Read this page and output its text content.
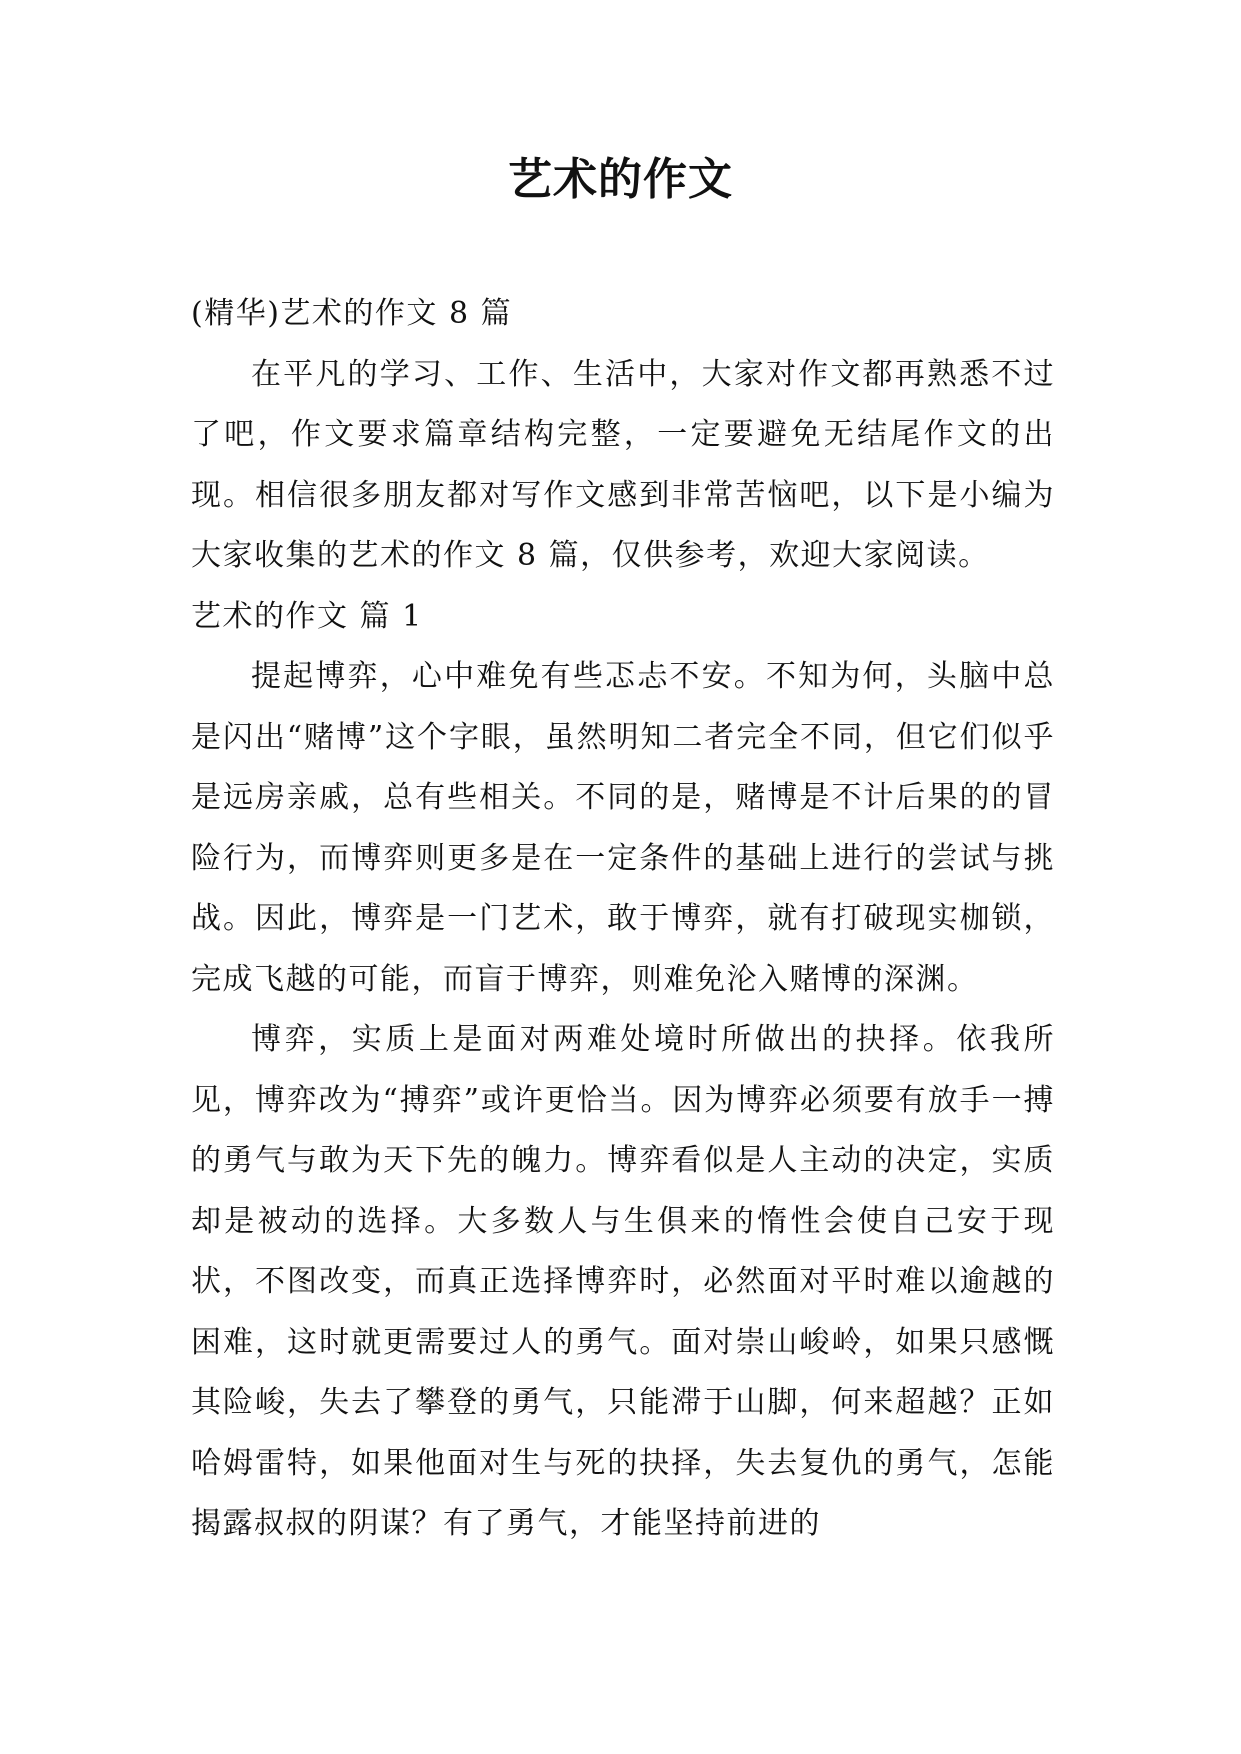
艺术的作文

(精华)艺术的作文 8 篇

在平凡的学习、工作、生活中，大家对作文都再熟悉不过了吧，作文要求篇章结构完整，一定要避免无结尾作文的出现。相信很多朋友都对写作文感到非常苦恼吧，以下是小编为大家收集的艺术的作文 8 篇，仅供参考，欢迎大家阅读。

艺术的作文 篇 1

提起博弈，心中难免有些忑忐不安。不知为何，头脑中总是闪出“赌博”这个字眼，虽然明知二者完全不同，但它们似乎是远房亲戚，总有些相关。不同的是，赌博是不计后果的的冒险行为，而博弈则更多是在一定条件的基础上进行的尝试与挑战。因此，博弈是一门艺术，敢于博弈，就有打破现实枷锁，完成飞越的可能，而盲于博弈，则难免沦入赌博的深渊。

博弈，实质上是面对两难处境时所做出的抉择。依我所见，博弈改为“搏弈”或许更恰当。因为博弈必须要有放手一搏的勇气与敢为天下先的魄力。博弈看似是人主动的决定，实质却是被动的选择。大多数人与生俱来的惰性会使自己安于现状，不图改变，而真正选择博弈时，必然面对平时难以逾越的困难，这时就更需要过人的勇气。面对崇山峻岭，如果只感慨其险峻，失去了攀登的勇气，只能滞于山脚，何来超越？正如哈姆雷特，如果他面对生与死的抉择，失去复仇的勇气，怎能揭露叔叔的阴谋？有了勇气，才能坚持前进的
